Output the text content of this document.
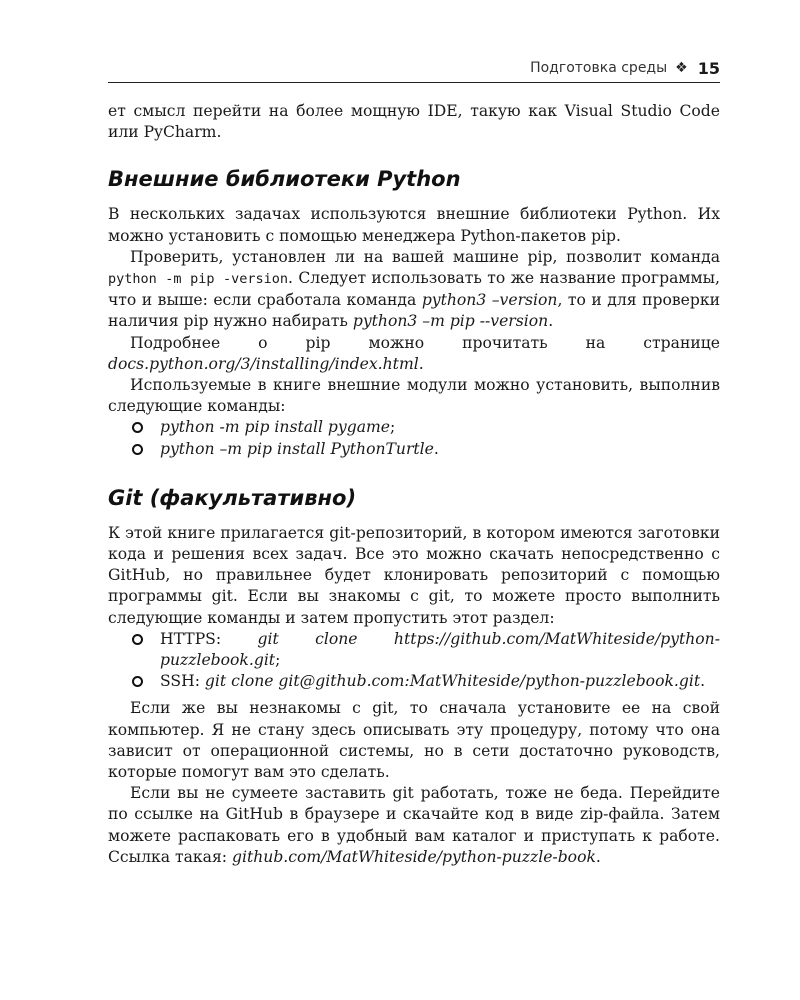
Подготовка среды ❖ 15

ет смысл перейти на более мощную IDE, такую как Visual Studio Code или PyCharm.

Внешние библиотеки Python

В нескольких задачах используются внешние библиотеки Python. Их можно установить с помощью менеджера Python-пакетов pip.

Проверить, установлен ли на вашей машине pip, позволит команда python -m pip -version. Следует использовать то же название программы, что и выше: если сработала команда python3 –version, то и для проверки наличия pip нужно набирать python3 –m pip --version.

Подробнее о pip можно прочитать на странице docs.python.org/3/installing/index.html.

Используемые в книге внешние модули можно установить, выполнив следующие команды:

python -m pip install pygame;
python –m pip install PythonTurtle.
Git (факультативно)

К этой книге прилагается git-репозиторий, в котором имеются заготовки кода и решения всех задач. Все это можно скачать непосредственно с GitHub, но правильнее будет клонировать репозиторий с помощью программы git. Если вы знакомы с git, то можете просто выполнить следующие команды и затем пропустить этот раздел:

HTTPS: git clone https://github.com/MatWhiteside/python-puzzlebook.git;
SSH: git clone git@github.com:MatWhiteside/python-puzzlebook.git.

Если же вы незнакомы с git, то сначала установите ее на свой компьютер. Я не стану здесь описывать эту процедуру, потому что она зависит от операционной системы, но в сети достаточно руководств, которые помогут вам это сделать.

Если вы не сумеете заставить git работать, тоже не беда. Перейдите по ссылке на GitHub в браузере и скачайте код в виде zip-файла. Затем можете распаковать его в удобный вам каталог и приступать к работе. Ссылка такая: github.com/MatWhiteside/python-puzzle-book.
